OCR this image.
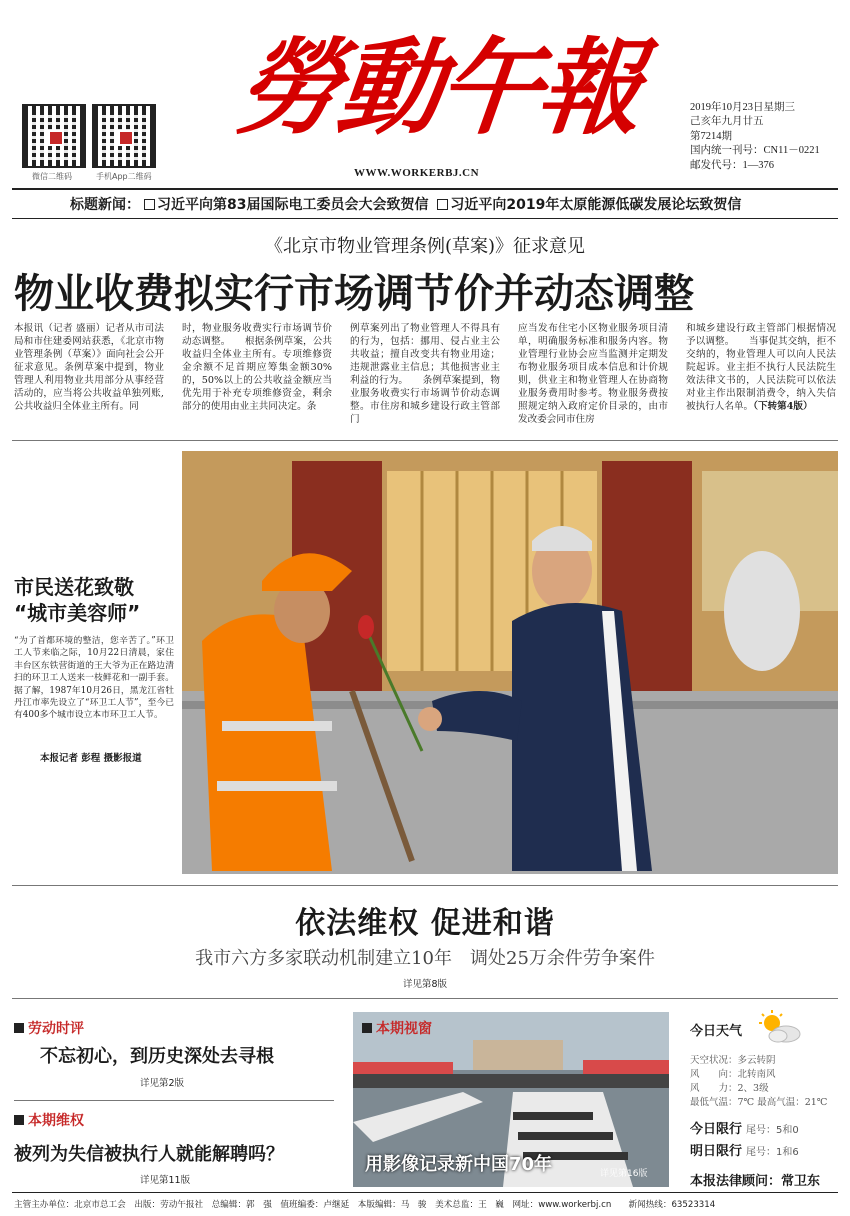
微信二维码	手机App二维码
勞動午報
WWW.WORKERBJ.CN
2019年10月23日星期三
己亥年九月廿五
第7214期
国内统一刊号：CN11－0221
邮发代号：1—376
标题新闻： 习近平向第83届国际电工委员会大会致贺信 习近平向2019年太原能源低碳发展论坛致贺信
《北京市物业管理条例(草案)》征求意见
物业收费拟实行市场调节价并动态调整
本报讯（记者 盛丽）记者从市司法局和市住建委网站获悉，《北京市物业管理条例（草案）》面向社会公开征求意见。条例草案中提到，物业管理人利用物业共用部分从事经营活动的，应当将公共收益单独列账,公共收益归全体业主所有。同
时，物业服务收费实行市场调节价动态调整。　　根据条例草案，公共收益归全体业主所有。专项维修资金余额不足首期应筹集金额30%的，50%以上的公共收益金额应当优先用于补充专项维修资金，剩余部分的使用由业主共同决定。条
例草案列出了物业管理人不得具有的行为，包括：挪用、侵占业主公共收益；擅自改变共有物业用途；违规泄露业主信息；其他损害业主利益的行为。　　条例草案提到，物业服务收费实行市场调节价动态调整。市住房和城乡建设行政主管部门
应当发布住宅小区物业服务项目清单，明确服务标准和服务内容。物业管理行业协会应当监测并定期发布物业服务项目成本信息和计价规则，供业主和物业管理人在协商物业服务费用时参考。物业服务费按照规定纳入政府定价目录的，由市发改委会同市住房
和城乡建设行政主管部门根据情况予以调整。　　当事促其交纳，拒不交纳的，物业管理人可以向人民法院起诉。业主拒不执行人民法院生效法律文书的，人民法院可以依法对业主作出限制消费令，纳入失信被执行人名单。（下转第4版）
市民送花致敬
“城市美容师”
“为了首都环境的整洁，您辛苦了。”环卫工人节来临之际，10月22日清晨，家住丰台区东铁营街道的王大爷为正在路边清扫的环卫工人送来一枝鲜花和一副手套。据了解，1987年10月26日，黑龙江省牡丹江市率先设立了“环卫工人节”，至今已有400多个城市设立本市环卫工人节。
本报记者 彭程 摄影报道
依法维权 促进和谐
我市六方多家联动机制建立10年　调处25万余件劳争案件
详见第8版
劳动时评
不忘初心，到历史深处去寻根
详见第2版
本期维权
被列为失信被执行人就能解聘吗？
详见第11版
本期视窗
用影像记录新中国70年	详见第16版
今日天气
天空状况：多云转阴
风　　向：北转南风
风　　力：2、3级
最低气温：7℃ 最高气温：21℃
今日限行 尾号：5和0
明日限行 尾号：1和6
本报法律顾问：常卫东
主管主办单位：北京市总工会　出版：劳动午报社　总编辑：郭　强　值班编委：卢继延　本版编辑：马　骏　美术总监：王　巍　网址：www.workerbj.cn　　新闻热线：63523314
